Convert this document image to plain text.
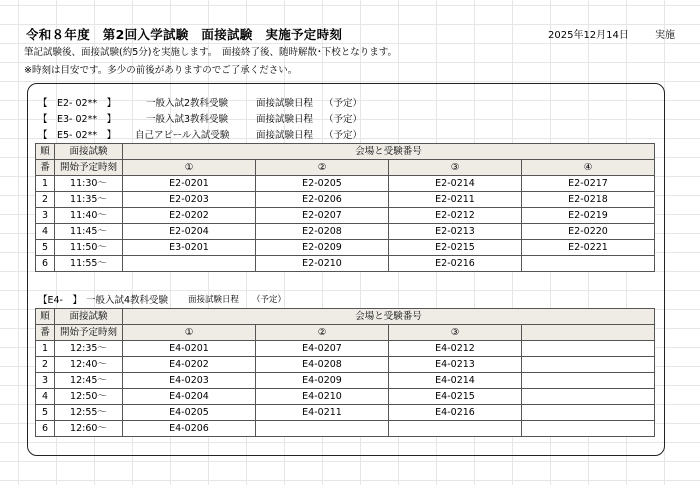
令和８年度　第2回入学試験　面接試験　実施予定時刻	2025年12月14日	実施
筆記試験後、面接試験(約5分)を実施します。　面接終了後、随時解散･下校となります。
※時刻は目安です。多少の前後がありますのでご了承ください。
【　E2- 02**　】	一般入試2教科受験	面接試験日程 （予定）
【　E3- 02**　】	一般入試3教科受験	面接試験日程 （予定）
【　E5- 02**　】 自己アピール入試受験	面接試験日程 （予定）
順	面接試験	会場と受験番号			
番	開始予定時刻	①	②	③	④
1	11:30～	E2-0201	E2-0205	E2-0214	E2-0217
2	11:35～	E2-0203	E2-0206	E2-0211	E2-0218
3	11:40～	E2-0202	E2-0207	E2-0212	E2-0219
4	11:45～	E2-0204	E2-0208	E2-0213	E2-0220
5	11:50～	E3-0201	E2-0209	E2-0215	E2-0221
6	11:55～		E2-0210	E2-0216	
【E4-　】 一般入試4教科受験 面接試験日程 （予定）
順	面接試験	会場と受験番号			
番	開始予定時刻	①	②	③	
1	12:35～	E4-0201	E4-0207	E4-0212	
2	12:40～	E4-0202	E4-0208	E4-0213	
3	12:45～	E4-0203	E4-0209	E4-0214	
4	12:50～	E4-0204	E4-0210	E4-0215	
5	12:55～	E4-0205	E4-0211	E4-0216	
6	12:60～	E4-0206			
